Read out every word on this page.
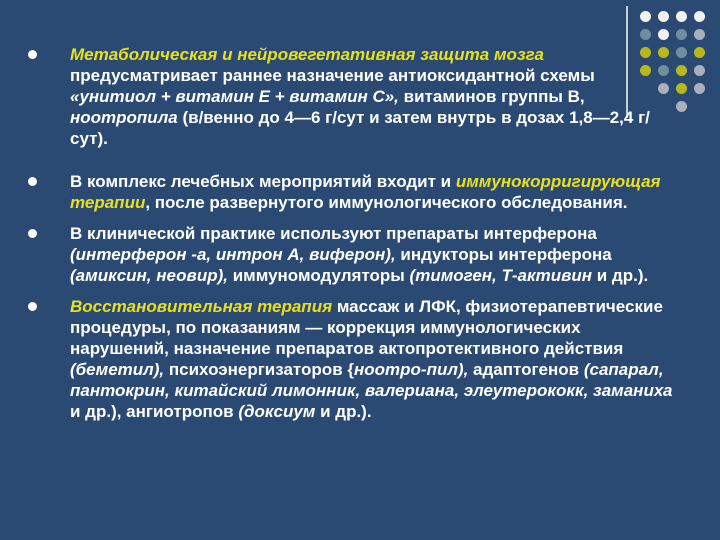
Метаболическая и нейровегетативная защита мозга предусматривает раннее назначение антиоксидантной схемы «унитиол + витамин Е + витамин С», витаминов группы В, ноотропила (в/венно до 4—6 г/сут и затем внутрь в дозах 1,8—2,4 г/сут).
В комплекс лечебных мероприятий входит и иммунокорригирующая терапии, после развернутого иммунологического обследования.
В клинической практике используют препараты интерферона (интерферон -а, интрон А, виферон), индукторы интерферона (амиксин, неовир), иммуномодуляторы (тимоген, Т-активин и др.).
Восстановительная терапия массаж и ЛФК, физиотерапевтические процедуры, по показаниям — коррекция иммунологических нарушений, назначение препаратов актопротективного действия (беметил), психоэнергизаторов {ноотро-пил), адаптогенов (сапарал, пантокрин, китайский лимонник, валериана, элеутерококк, заманиха и др.), ангиотропов (доксиум и др.).
